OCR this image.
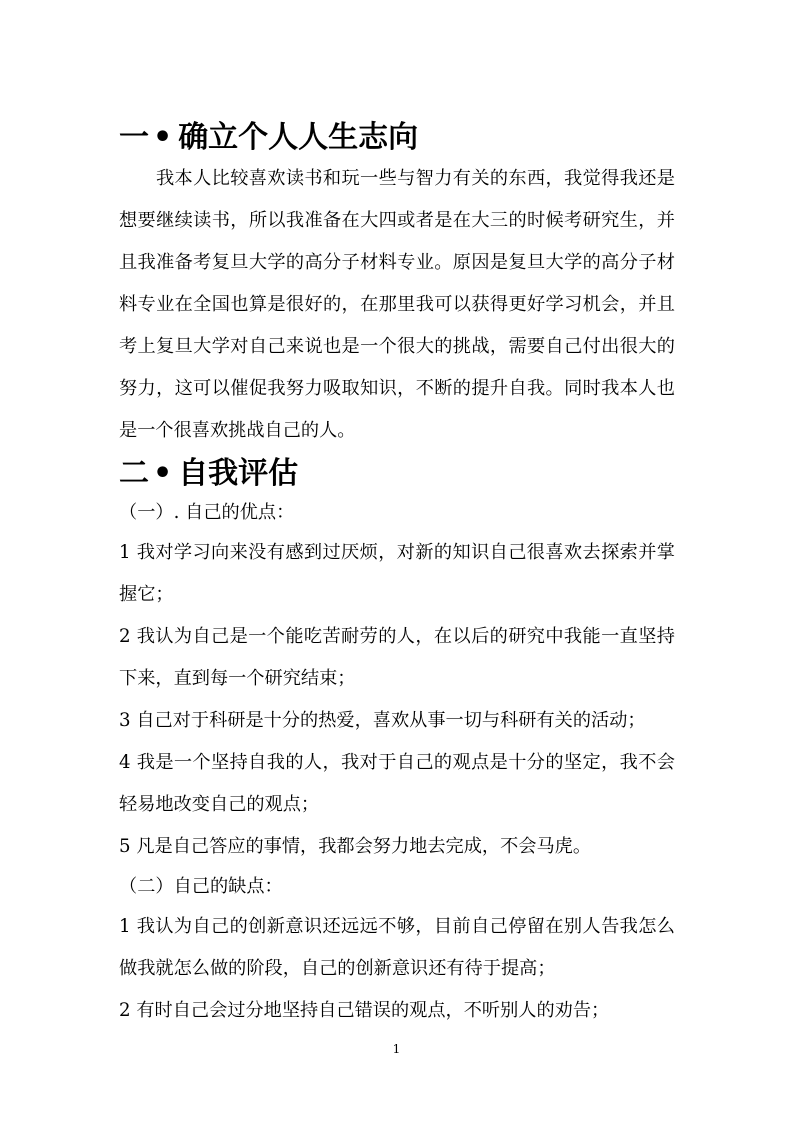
一 • 确立个人人生志向

我本人比较喜欢读书和玩一些与智力有关的东西，我觉得我还是想要继续读书，所以我准备在大四或者是在大三的时候考研究生，并且我准备考复旦大学的高分子材料专业。原因是复旦大学的高分子材料专业在全国也算是很好的，在那里我可以获得更好学习机会，并且考上复旦大学对自己来说也是一个很大的挑战，需要自己付出很大的努力，这可以催促我努力吸取知识，不断的提升自我。同时我本人也是一个很喜欢挑战自己的人。

二 • 自我评估

（一）. 自己的优点：

1 我对学习向来没有感到过厌烦，对新的知识自己很喜欢去探索并掌握它；

2 我认为自己是一个能吃苦耐劳的人，在以后的研究中我能一直坚持下来，直到每一个研究结束；

3 自己对于科研是十分的热爱，喜欢从事一切与科研有关的活动；

4 我是一个坚持自我的人，我对于自己的观点是十分的坚定，我不会轻易地改变自己的观点；

5 凡是自己答应的事情，我都会努力地去完成，不会马虎。

（二）自己的缺点：

1 我认为自己的创新意识还远远不够，目前自己停留在别人告我怎么做我就怎么做的阶段，自己的创新意识还有待于提高；

2 有时自己会过分地坚持自己错误的观点，不听别人的劝告；

1
